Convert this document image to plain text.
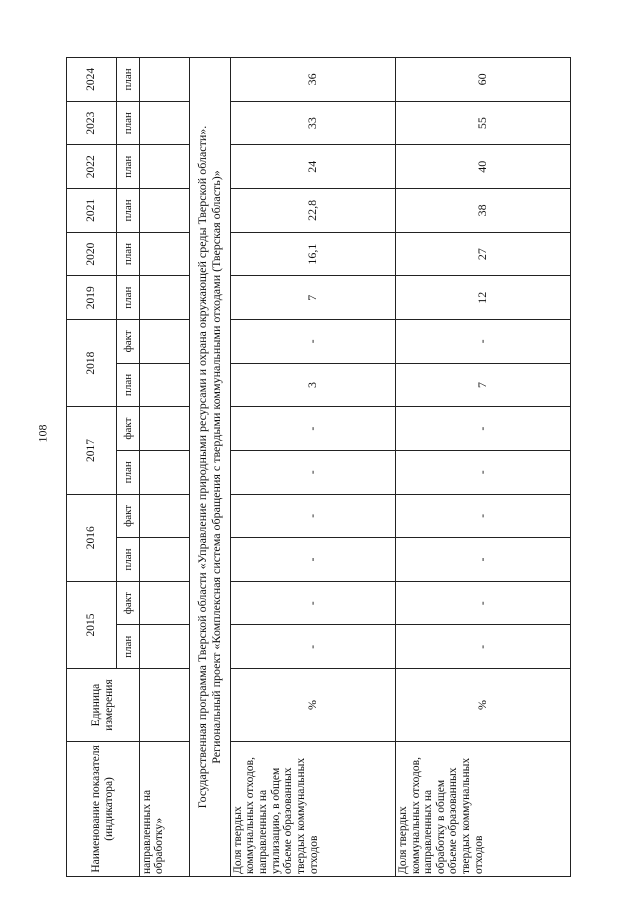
108
Наименование показателя (индикатора)	Единица измерения	2015		2016		2017		2018		2019	2020	2021	2022	2023	2024
		план	факт	план	факт	план	факт	план	факт	план	план	план	план	план	план
направленных на обработку»															

Государственная программа Тверской области «Управление природными ресурсами и охрана окружающей среды Тверской области». Региональный проект «Комплексная система обращения с твердыми коммунальными отходами (Тверская область)»															

Доля твердых коммунальных отходов, направленных на утилизацию, в общем объеме образованных твердых коммунальных отходов	%	-	-	-	-	-	-	3	-	7	16,1	22,8	24	33	36
Доля твердых коммунальных отходов, направленных на обработку в общем объеме образованных твердых коммунальных отходов	%	-	-	-	-	-	-	7	-	12	27	38	40	55	60
